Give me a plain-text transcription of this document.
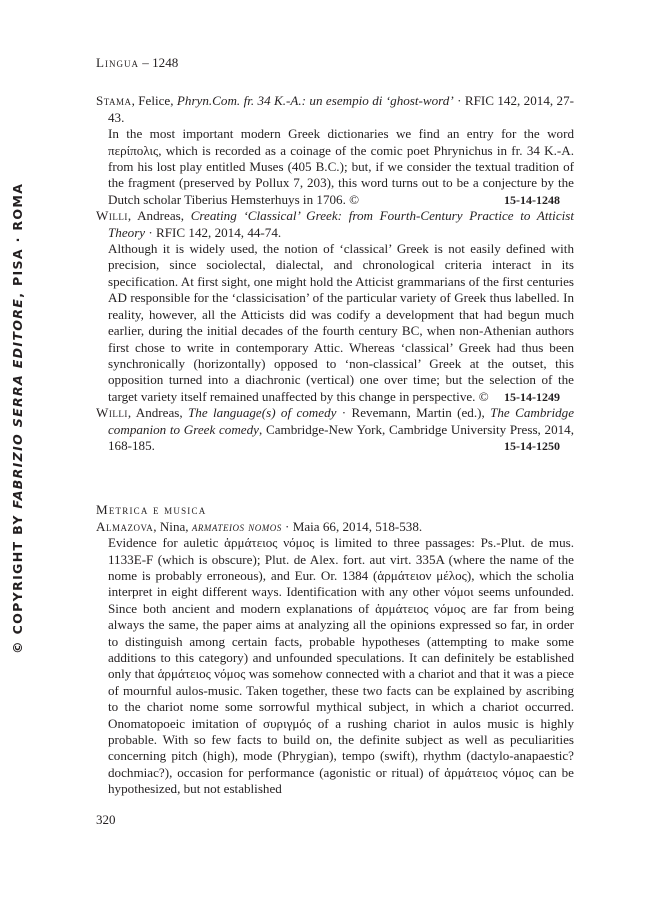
© COPYRIGHT BY FABRIZIO SERRA EDITORE, PISA · ROMA
Lingua – 1248
Stama, Felice, Phryn.Com. fr. 34 K.-A.: un esempio di ‘ghost-word’ · RFIC 142, 2014, 27-43.
In the most important modern Greek dictionaries we find an entry for the word περίπολις, which is recorded as a coinage of the comic poet Phrynichus in fr. 34 K.-A. from his lost play entitled Muses (405 B.C.); but, if we consider the textual tradition of the fragment (preserved by Pollux 7, 203), this word turns out to be a conjecture by the Dutch scholar Tiberius Hemsterhuys in 1706. ©	15-14-1248
Willi, Andreas, Creating ‘Classical’ Greek: from Fourth-Century Practice to Atticist Theory · RFIC 142, 2014, 44-74.
Although it is widely used, the notion of ‘classical’ Greek is not easily defined with precision, since sociolectal, dialectal, and chronological criteria interact in its specification. At first sight, one might hold the Atticist grammarians of the first centuries AD responsible for the ‘classicisation’ of the particular variety of Greek thus labelled. In reality, however, all the Atticists did was codify a development that had begun much earlier, during the initial decades of the fourth century BC, when non-Athenian authors first chose to write in contemporary Attic. Whereas ‘classical’ Greek had thus been synchronically (horizontally) opposed to ‘non-classical’ Greek at the outset, this opposition turned into a diachronic (vertical) one over time; but the selection of the target variety itself remained unaffected by this change in perspective. © 15-14-1249
Willi, Andreas, The language(s) of comedy · Revemann, Martin (ed.), The Cambridge companion to Greek comedy, Cambridge-New York, Cambridge University Press, 2014, 168-185.	15-14-1250
Metrica e musica
Almazova, Nina, armateios nomos · Maia 66, 2014, 518-538.
Evidence for auletic ἁρμάτειος νόμος is limited to three passages: Ps.-Plut. de mus. 1133E-F (which is obscure); Plut. de Alex. fort. aut virt. 335A (where the name of the nome is probably erroneous), and Eur. Or. 1384 (ἁρμάτειον μέλος), which the scholia interpret in eight different ways. Identification with any other νόμοι seems unfounded. Since both ancient and modern explanations of ἁρμάτειος νόμος are far from being always the same, the paper aims at analyzing all the opinions expressed so far, in order to distinguish among certain facts, probable hypotheses (attempting to make some additions to this category) and unfounded speculations. It can definitely be established only that ἁρμάτειος νόμος was somehow connected with a chariot and that it was a piece of mournful aulos-music. Taken together, these two facts can be explained by ascribing to the chariot nome some sorrowful mythical subject, in which a chariot occurred. Onomatopoeic imitation of συριγμός of a rushing chariot in aulos music is highly probable. With so few facts to build on, the definite subject as well as peculiarities concerning pitch (high), mode (Phrygian), tempo (swift), rhythm (dactylo-anapaestic? dochmiac?), occasion for performance (agonistic or ritual) of ἁρμάτειος νόμος can be hypothesized, but not established
320
